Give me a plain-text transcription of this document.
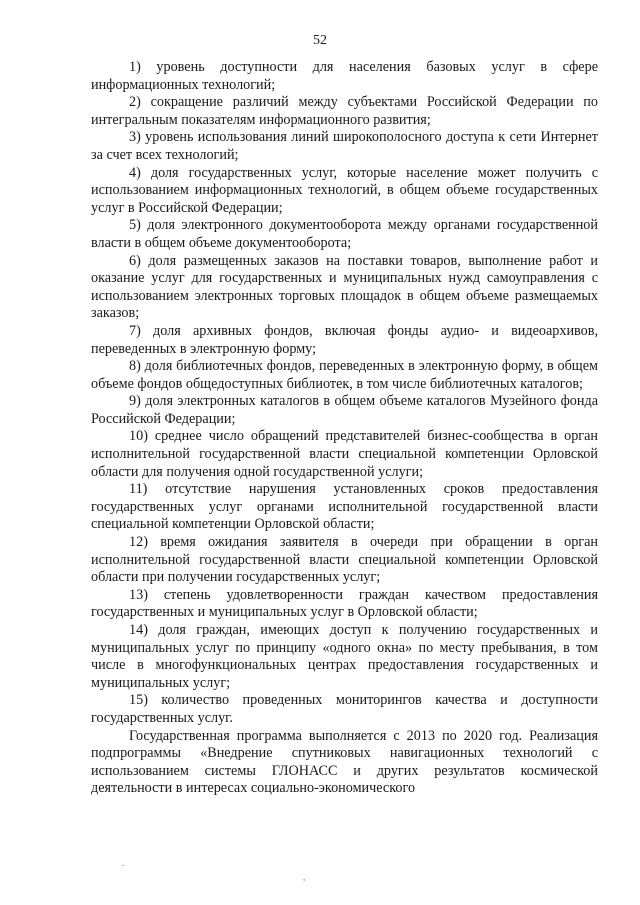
52

1) уровень доступности для населения базовых услуг в сфере информационных технологий;

2) сокращение различий между субъектами Российской Федерации по интегральным показателям информационного развития;

3) уровень использования линий широкополосного доступа к сети Интернет за счет всех технологий;

4) доля государственных услуг, которые население может получить с использованием информационных технологий, в общем объеме государственных услуг в Российской Федерации;

5) доля электронного документооборота между органами государственной власти в общем объеме документооборота;

6) доля размещенных заказов на поставки товаров, выполнение работ и оказание услуг для государственных и муниципальных нужд самоуправления с использованием электронных торговых площадок в общем объеме размещаемых заказов;

7) доля архивных фондов, включая фонды аудио- и видеоархивов, переведенных в электронную форму;

8) доля библиотечных фондов, переведенных в электронную форму, в общем объеме фондов общедоступных библиотек, в том числе библиотечных каталогов;

9) доля электронных каталогов в общем объеме каталогов Музейного фонда Российской Федерации;

10) среднее число обращений представителей бизнес-сообщества в орган исполнительной государственной власти специальной компетенции Орловской области для получения одной государственной услуги;

11) отсутствие нарушения установленных сроков предоставления государственных услуг органами исполнительной государственной власти специальной компетенции Орловской области;

12) время ожидания заявителя в очереди при обращении в орган исполнительной государственной власти специальной компетенции Орловской области при получении государственных услуг;

13) степень удовлетворенности граждан качеством предоставления государственных и муниципальных услуг в Орловской области;

14) доля граждан, имеющих доступ к получению государственных и муниципальных услуг по принципу «одного окна» по месту пребывания, в том числе в многофункциональных центрах предоставления государственных и муниципальных услуг;

15) количество проведенных мониторингов качества и доступности государственных услуг.

Государственная программа выполняется с 2013 по 2020 год. Реализация подпрограммы «Внедрение спутниковых навигационных технологий с использованием системы ГЛОНАСС и других результатов космической деятельности в интересах социально-экономического

.
,
